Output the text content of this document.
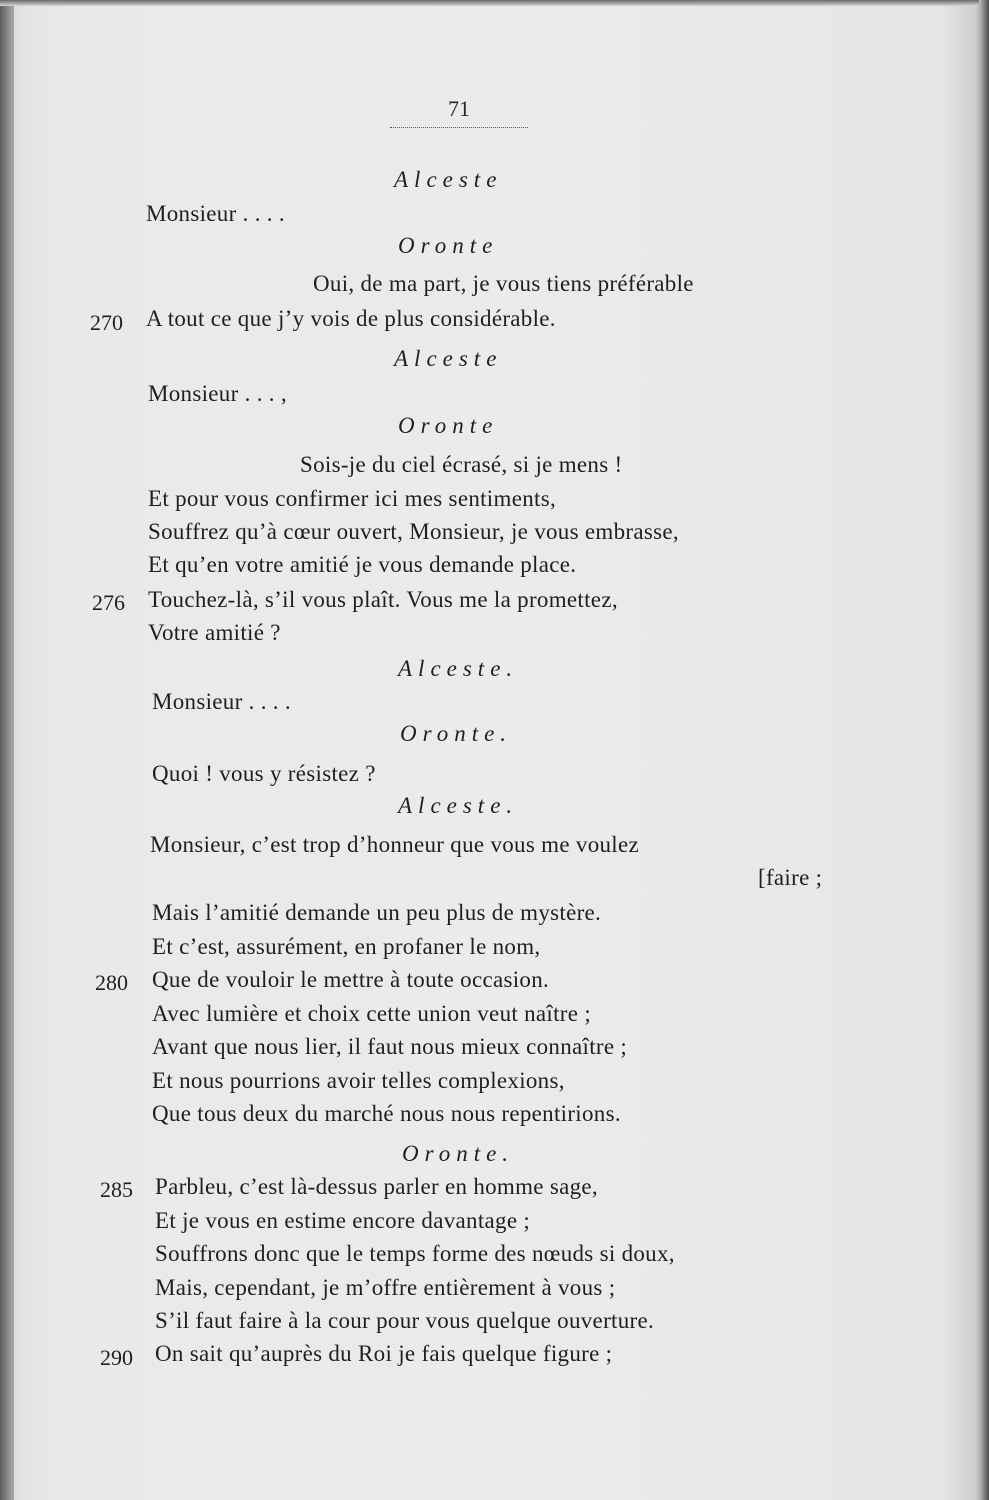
71
Alceste
Monsieur . . . .
Oronte
Oui, de ma part, je vous tiens préférable
270 A tout ce que j’y vois de plus considérable.
Alceste
Monsieur . . . ,
Oronte
Sois-je du ciel écrasé, si je mens !
Et pour vous confirmer ici mes sentiments,
Souffrez qu’à cœur ouvert, Monsieur, je vous embrasse,
Et qu’en votre amitié je vous demande place.
276 Touchez-là, s’il vous plaît. Vous me la promettez,
Votre amitié ?
Alceste.
Monsieur . . . .
Oronte.
Quoi ! vous y résistez ?
Alceste.
Monsieur, c’est trop d’honneur que vous me voulez
[faire ;
Mais l’amitié demande un peu plus de mystère.
Et c’est, assurément, en profaner le nom,
280 Que de vouloir le mettre à toute occasion.
Avec lumière et choix cette union veut naître ;
Avant que nous lier, il faut nous mieux connaître ;
Et nous pourrions avoir telles complexions,
Que tous deux du marché nous nous repentirions.
Oronte.
285 Parbleu, c’est là-dessus parler en homme sage,
Et je vous en estime encore davantage ;
Souffrons donc que le temps forme des nœuds si doux,
Mais, cependant, je m’offre entièrement à vous ;
S’il faut faire à la cour pour vous quelque ouverture.
290 On sait qu’auprès du Roi je fais quelque figure ;
